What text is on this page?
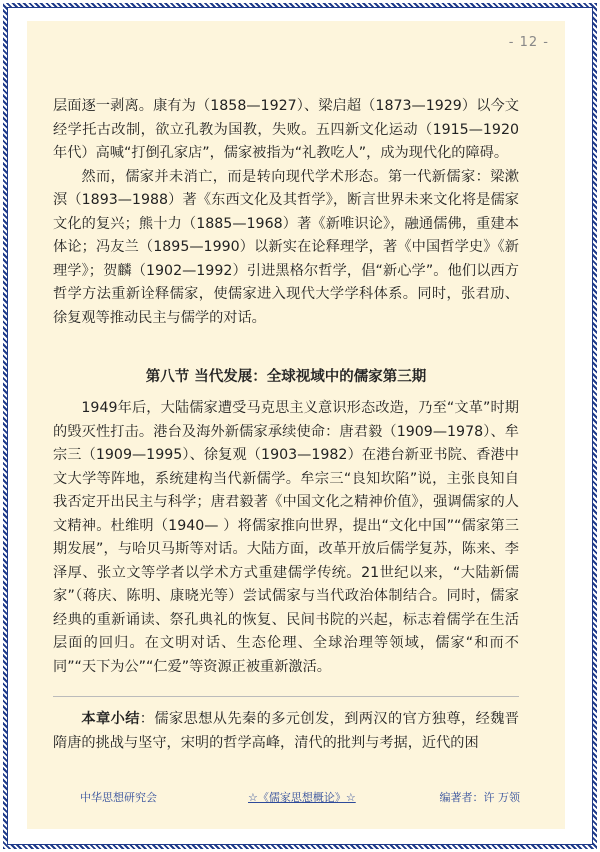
- 12 -

层面逐一剥离。康有为（1858—1927）、梁启超（1873—1929）以今文经学托古改制，欲立孔教为国教，失败。五四新文化运动（1915—1920年代）高喊“打倒孔家店”，儒家被指为“礼教吃人”，成为现代化的障碍。

然而，儒家并未消亡，而是转向现代学术形态。第一代新儒家：梁漱溟（1893—1988）著《东西文化及其哲学》，断言世界未来文化将是儒家文化的复兴；熊十力（1885—1968）著《新唯识论》，融通儒佛，重建本体论；冯友兰（1895—1990）以新实在论释理学，著《中国哲学史》《新理学》；贺麟（1902—1992）引进黑格尔哲学，倡“新心学”。他们以西方哲学方法重新诠释儒家，使儒家进入现代大学学科体系。同时，张君劢、徐复观等推动民主与儒学的对话。

第八节 当代发展：全球视域中的儒家第三期

1949年后，大陆儒家遭受马克思主义意识形态改造，乃至“文革”时期的毁灭性打击。港台及海外新儒家承续使命：唐君毅（1909—1978）、牟宗三（1909—1995）、徐复观（1903—1982）在港台新亚书院、香港中文大学等阵地，系统建构当代新儒学。牟宗三“良知坎陷”说，主张良知自我否定开出民主与科学；唐君毅著《中国文化之精神价值》，强调儒家的人文精神。杜维明（1940— ）将儒家推向世界，提出“文化中国”“儒家第三期发展”，与哈贝马斯等对话。大陆方面，改革开放后儒学复苏，陈来、李泽厚、张立文等学者以学术方式重建儒学传统。21世纪以来，“大陆新儒家”（蒋庆、陈明、康晓光等）尝试儒家与当代政治体制结合。同时，儒家经典的重新诵读、祭孔典礼的恢复、民间书院的兴起，标志着儒学在生活层面的回归。在文明对话、生态伦理、全球治理等领域，儒家“和而不同”“天下为公”“仁爱”等资源正被重新激活。

本章小结：儒家思想从先秦的多元创发，到两汉的官方独尊，经魏晋隋唐的挑战与坚守，宋明的哲学高峰，清代的批判与考据，近代的困

中华思想研究会	☆《儒家思想概论》☆	编著者：许 万领
